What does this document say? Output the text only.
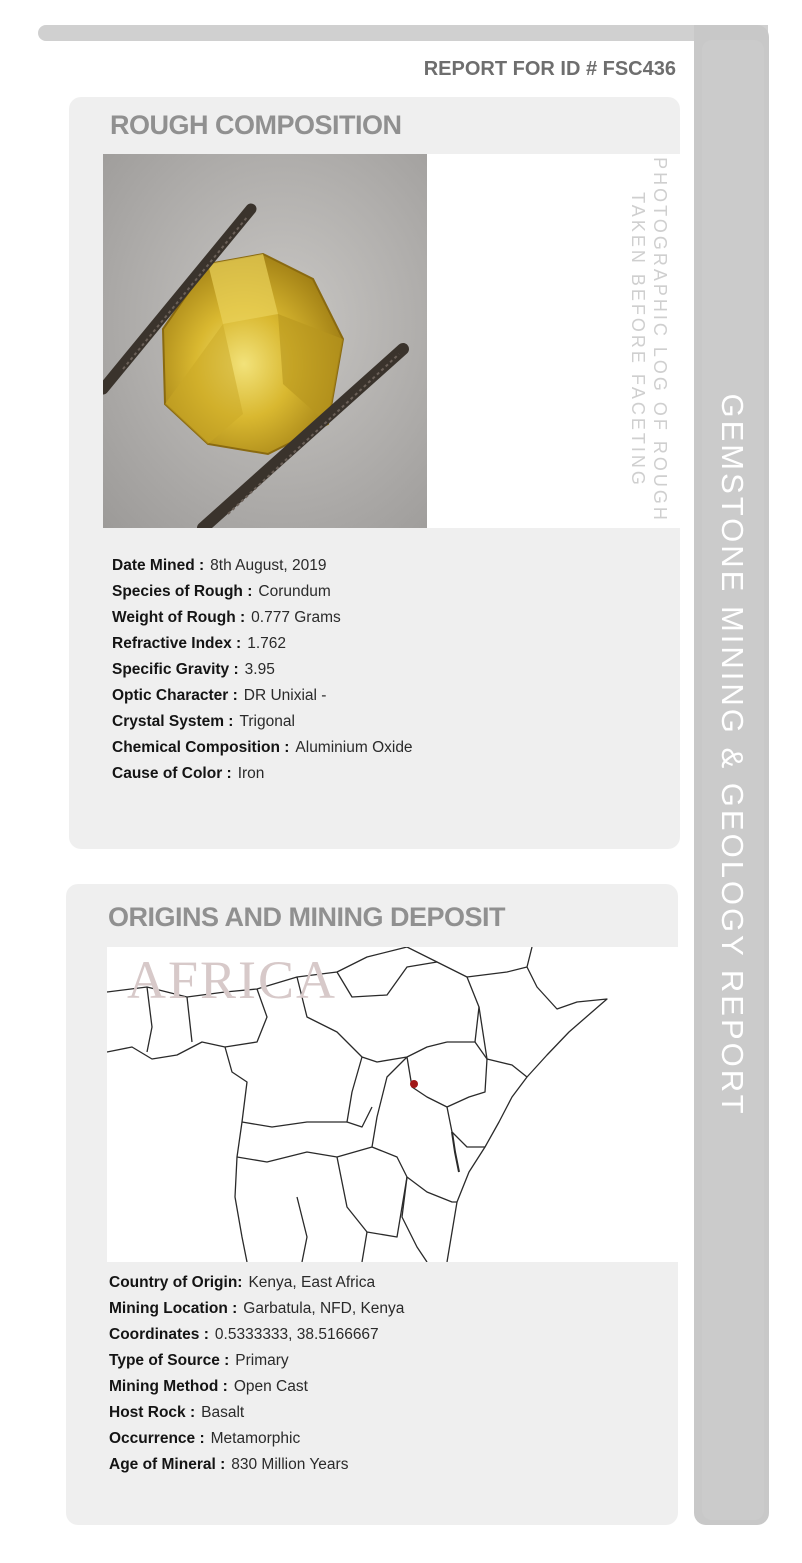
GEMSTONE MINING & GEOLOGY REPORT
REPORT FOR ID # FSC436
ROUGH COMPOSITION
PHOTOGRAPHIC LOG OF ROUGH
TAKEN BEFORE FACETING
Date Mined : 8th August, 2019
Species of Rough : Corundum
Weight of Rough : 0.777 Grams
Refractive Index : 1.762
Specific Gravity : 3.95
Optic Character : DR Unixial -
Crystal System : Trigonal
Chemical Composition : Aluminium Oxide
Cause of Color : Iron
ORIGINS AND MINING DEPOSIT
AFRICA
Country of Origin: Kenya, East Africa
Mining Location : Garbatula, NFD, Kenya
Coordinates : 0.5333333, 38.5166667
Type of Source : Primary
Mining Method : Open Cast
Host Rock : Basalt
Occurrence : Metamorphic
Age of Mineral : 830 Million Years
